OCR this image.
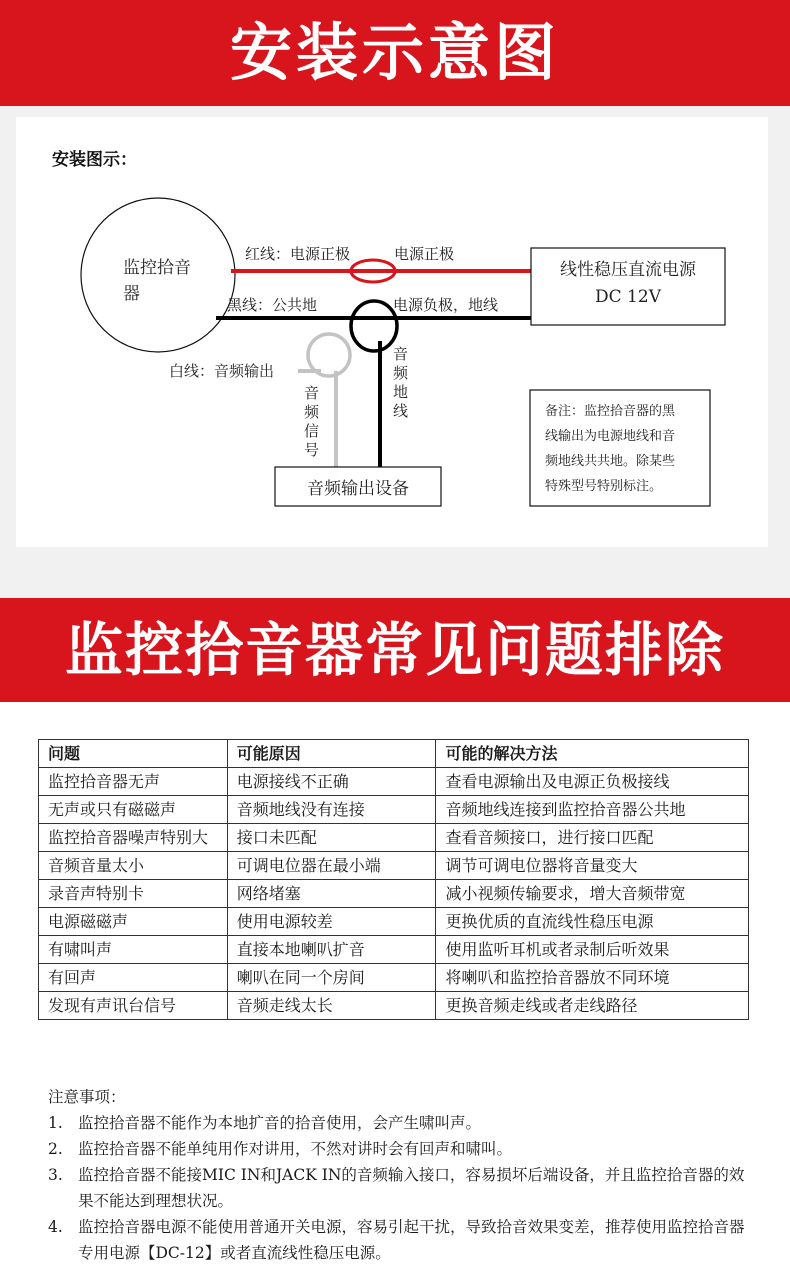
安装示意图
安装图示：
监控拾音
器
红线：电源正极	电源正极
黑线：公共地	电源负极，地线
白线：音频输出
音频信号
音频地线
线性稳压直流电源
DC 12V
音频输出设备
备注：监控拾音器的黑
线输出为电源地线和音
频地线共共地。除某些
特殊型号特别标注。
监控拾音器常见问题排除
问题	可能原因	可能的解决方法
监控拾音器无声	电源接线不正确	查看电源输出及电源正负极接线
无声或只有磁磁声	音频地线没有连接	音频地线连接到监控拾音器公共地
监控拾音器噪声特别大	接口未匹配	查看音频接口，进行接口匹配
音频音量太小	可调电位器在最小端	调节可调电位器将音量变大
录音声特别卡	网络堵塞	减小视频传输要求，增大音频带宽
电源磁磁声	使用电源较差	更换优质的直流线性稳压电源
有啸叫声	直接本地喇叭扩音	使用监听耳机或者录制后听效果
有回声	喇叭在同一个房间	将喇叭和监控拾音器放不同环境
发现有声讯台信号	音频走线太长	更换音频走线或者走线路径
注意事项：
1. 监控拾音器不能作为本地扩音的拾音使用，会产生啸叫声。
2. 监控拾音器不能单纯用作对讲用，不然对讲时会有回声和啸叫。
3. 监控拾音器不能接MIC IN和JACK IN的音频输入接口，容易损坏后端设备，并且监控拾音器的效果不能达到理想状况。
4. 监控拾音器电源不能使用普通开关电源，容易引起干扰，导致拾音效果变差，推荐使用监控拾音器专用电源【DC-12】或者直流线性稳压电源。
